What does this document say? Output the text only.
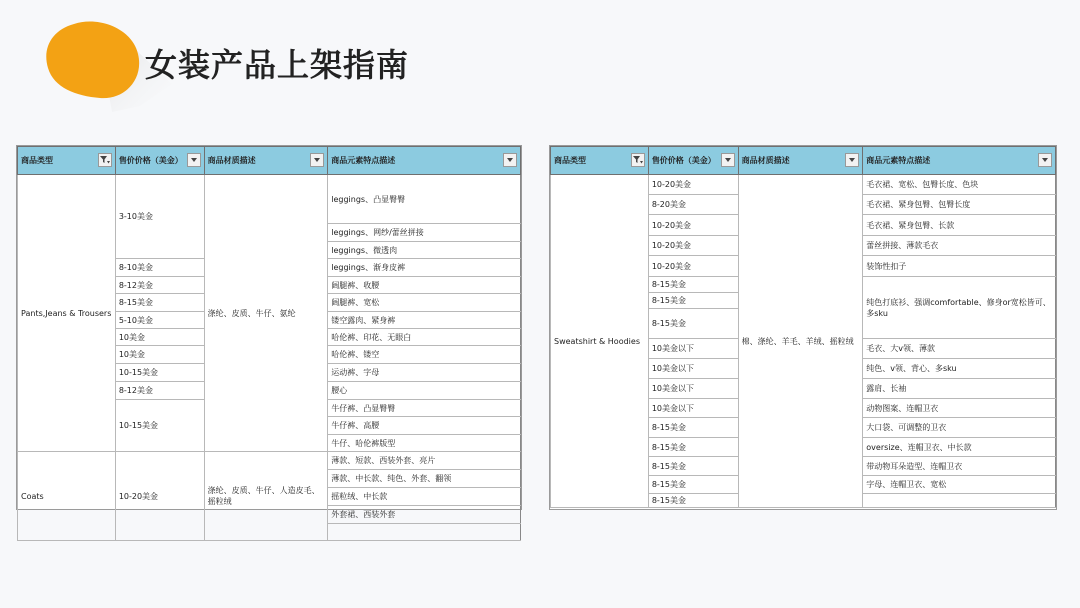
女装产品上架指南
商品类型	售价价格（美金）	商品材质描述	商品元素特点描述

Pants,Jeans & Trousers	3-10美金	涤纶、皮质、牛仔、氨纶	leggings、凸显臀臀
			leggings、网纱/蕾丝拼接
			leggings、微透肉
	8-10美金		leggings、渐身皮裤
	8-12美金		阔腿裤、收腰
	8-15美金		阔腿裤、宽松
	5-10美金		镂空露肉、紧身裤
	10美金		哈伦裤、印花、无眼白
	10美金		哈伦裤、镂空
	10-15美金		运动裤、字母
	8-12美金		腰心
	10-15美金		牛仔裤、凸显臀臀
			牛仔裤、高腰
			牛仔、哈伦裤版型
Coats	10-20美金	涤纶、皮质、牛仔、人造皮毛、摇粒绒	薄款、短款、西装外套、亮片
			薄款、中长款、纯色、外套、翻领
			摇粒绒、中长款
			外套裙、西装外套

商品类型	售价价格（美金）	商品材质描述	商品元素特点描述

Sweatshirt & Hoodies	10-20美金	棉、涤纶、羊毛、羊绒、摇粒绒	毛衣裙、宽松、包臀长度、色块
	8-20美金		毛衣裙、紧身包臀、包臀长度
	10-20美金		毛衣裙、紧身包臀、长款
	10-20美金		蕾丝拼接、薄款毛衣
	10-20美金		装饰性扣子
	8-15美金		纯色打底衫、强调comfortable、修身or宽松皆可、多sku
	8-15美金		
	8-15美金		
	10美金以下		毛衣、大v领、薄款
	10美金以下		纯色、v领、背心、多sku
	10美金以下		露肩、长袖
	10美金以下		动物图案、连帽卫衣
	8-15美金		大口袋、可调整的卫衣
	8-15美金		oversize、连帽卫衣、中长款
	8-15美金		带动物耳朵造型、连帽卫衣
	8-15美金		字母、连帽卫衣、宽松
	8-15美金		
